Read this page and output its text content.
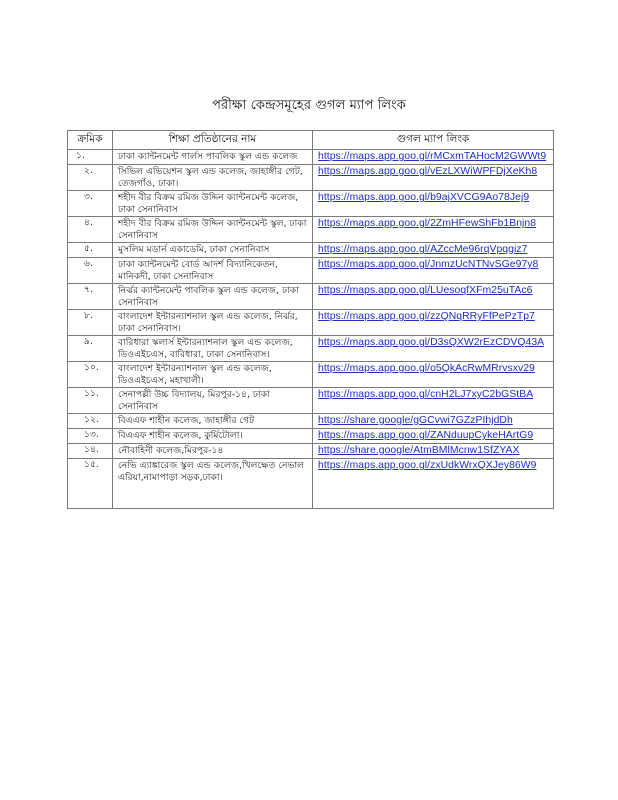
পরীক্ষা কেন্দ্রসমূহের গুগল ম্যাপ লিংক
ক্রমিক	শিক্ষা প্রতিষ্ঠানের নাম	গুগল ম্যাপ লিংক
১.	ঢাকা ক্যান্টনমেন্ট গার্লস পাবলিক স্কুল এন্ড কলেজ	https://maps.app.goo.gl/rMCxmTAHocM2GWWt9
২.	সিভিল এভিয়েশন স্কুল এন্ড কলেজ, জাহাঙ্গীর গেট, তেজগাঁও, ঢাকা।	https://maps.app.goo.gl/vEzLXWiWPFDjXeKh8
৩.	শহীদ বীর বিক্রম রমিজ উদ্দিন ক্যান্টনমেন্ট কলেজ, ঢাকা সেনানিবাস	https://maps.app.goo.gl/b9ajXVCG9Ao78Jej9
৪.	শহীদ বীর বিক্রম রমিজ উদ্দিন ক্যান্টনমেন্ট স্কুল, ঢাকা সেনানিবাস	https://maps.app.goo.gl/2ZmHFewShFb1Bnjn8
৫.	মুসলিম মডার্ন একাডেমি, ঢাকা সেনানিবাস	https://maps.app.goo.gl/AZccMe96rqVpqgiz7
৬.	ঢাকা ক্যান্টনমেন্ট বোর্ড আদর্শ বিদ্যানিকেতন, মানিকদী, ঢাকা সেনানিবাস	https://maps.app.goo.gl/JnmzUcNTNvSGe97y8
৭.	নির্ঝর ক্যান্টনমেন্ট পাবলিক স্কুল এন্ড কলেজ, ঢাকা সেনানিবাস	https://maps.app.goo.gl/LUesoqfXFm25uTAc6
৮.	বাংলাদেশ ইন্টারন্যাশনাল স্কুল এন্ড কলেজ, নির্ঝর, ঢাকা সেনানিবাস।	https://maps.app.goo.gl/zzQNqRRyFfPePzTp7
৯.	বারিধারা স্কলার্স ইন্টারন্যাশনাল স্কুল এন্ড কলেজ, ডিওএইচএস, বারিধারা, ঢাকা সেনানিবাস।	https://maps.app.goo.gl/D3sQXW2rEzCDVQ43A
১০.	বাংলাদেশ ইন্টারন্যাশনাল স্কুল এন্ড কলেজ, ডিওএইচএস, মহাখালী।	https://maps.app.goo.gl/o5QkAcRwMRrvsxv29
১১.	সেনাপল্লী উচ্চ বিদ্যালয়, মিরপুর-১৪, ঢাকা সেনানিবাস	https://maps.app.goo.gl/cnH2LJ7xyC2bGStBA
১২.	বিএএফ শাহীন কলেজ, জাহাঙ্গীর গেট	https://share.google/gGCvwi7GZzPIhjdDh
১৩.	বিএএফ শাহীন কলেজ, কুর্মিটোলা।	https://maps.app.goo.gl/ZANduupCykeHArtG9
১৪.	নৌবাহিনী কলেজ,মিরপুর-১৪	https://share.google/AtmBMlMcnw1SfZYAX
১৫.	নেভি এ্যাঙ্কারেজ স্কুল এন্ড কলেজ,খিলক্ষেত নেভাল এরিয়া,নামাপাড়া সড়ক,ঢাকা।	https://maps.app.goo.gl/zxUdkWrxQXJey86W9
